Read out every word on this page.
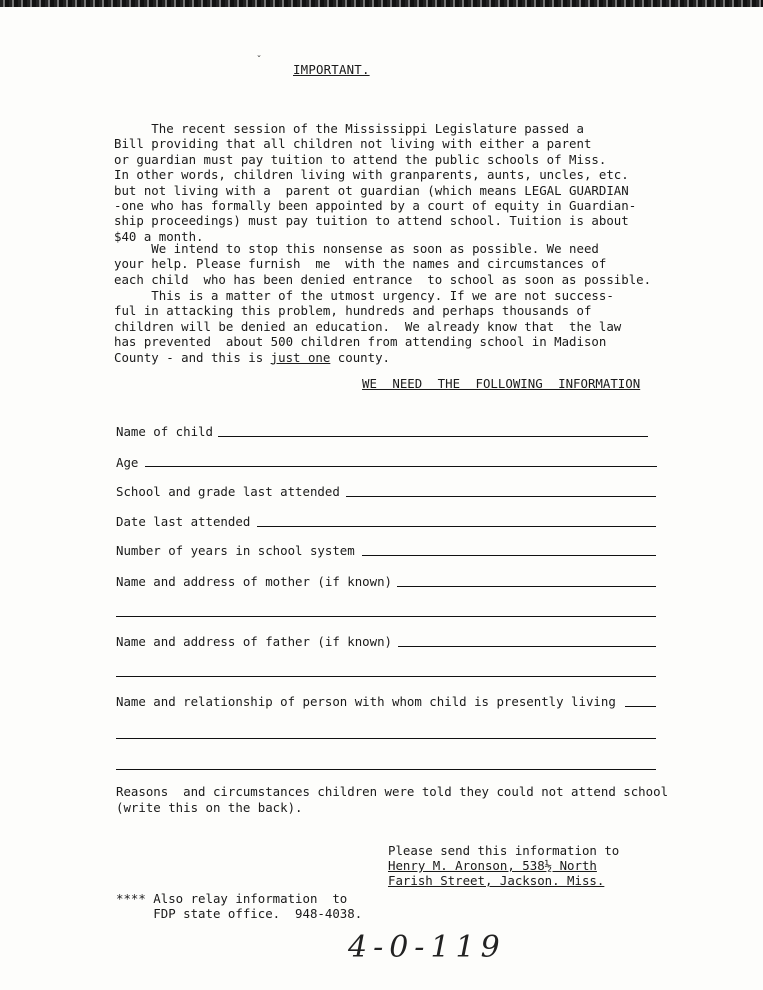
ˇ
IMPORTANT.
The recent session of the Mississippi Legislature passed a
Bill providing that all children not living with either a parent
or guardian must pay tuition to attend the public schools of Miss.
In other words, children living with granparents, aunts, uncles, etc.
but not living with a  parent ot guardian (which means LEGAL GUARDIAN
-one who has formally been appointed by a court of equity in Guardian-
ship proceedings) must pay tuition to attend school. Tuition is about
$40 a month.
We intend to stop this nonsense as soon as possible. We need
your help. Please furnish  me  with the names and circumstances of
each child  who has been denied entrance  to school as soon as possible.
This is a matter of the utmost urgency. If we are not success-
ful in attacking this problem, hundreds and perhaps thousands of
children will be denied an education.  We already know that  the law
has prevented  about 500 children from attending school in Madison
County - and this is just one county.
WE NEED THE FOLLOWING INFORMATION
Name of child
Age
School and grade last attended
Date last attended
Number of years in school system
Name and address of mother (if known)
Name and address of father (if known)
Name and relationship of person with whom child is presently living
Reasons  and circumstances children were told they could not attend school
(write this on the back).
Please send this information to
Henry M. Aronson, 538½ North
Farish Street, Jackson. Miss.
**** Also relay information  to
FDP state office.  948-4038.
4-0-119
